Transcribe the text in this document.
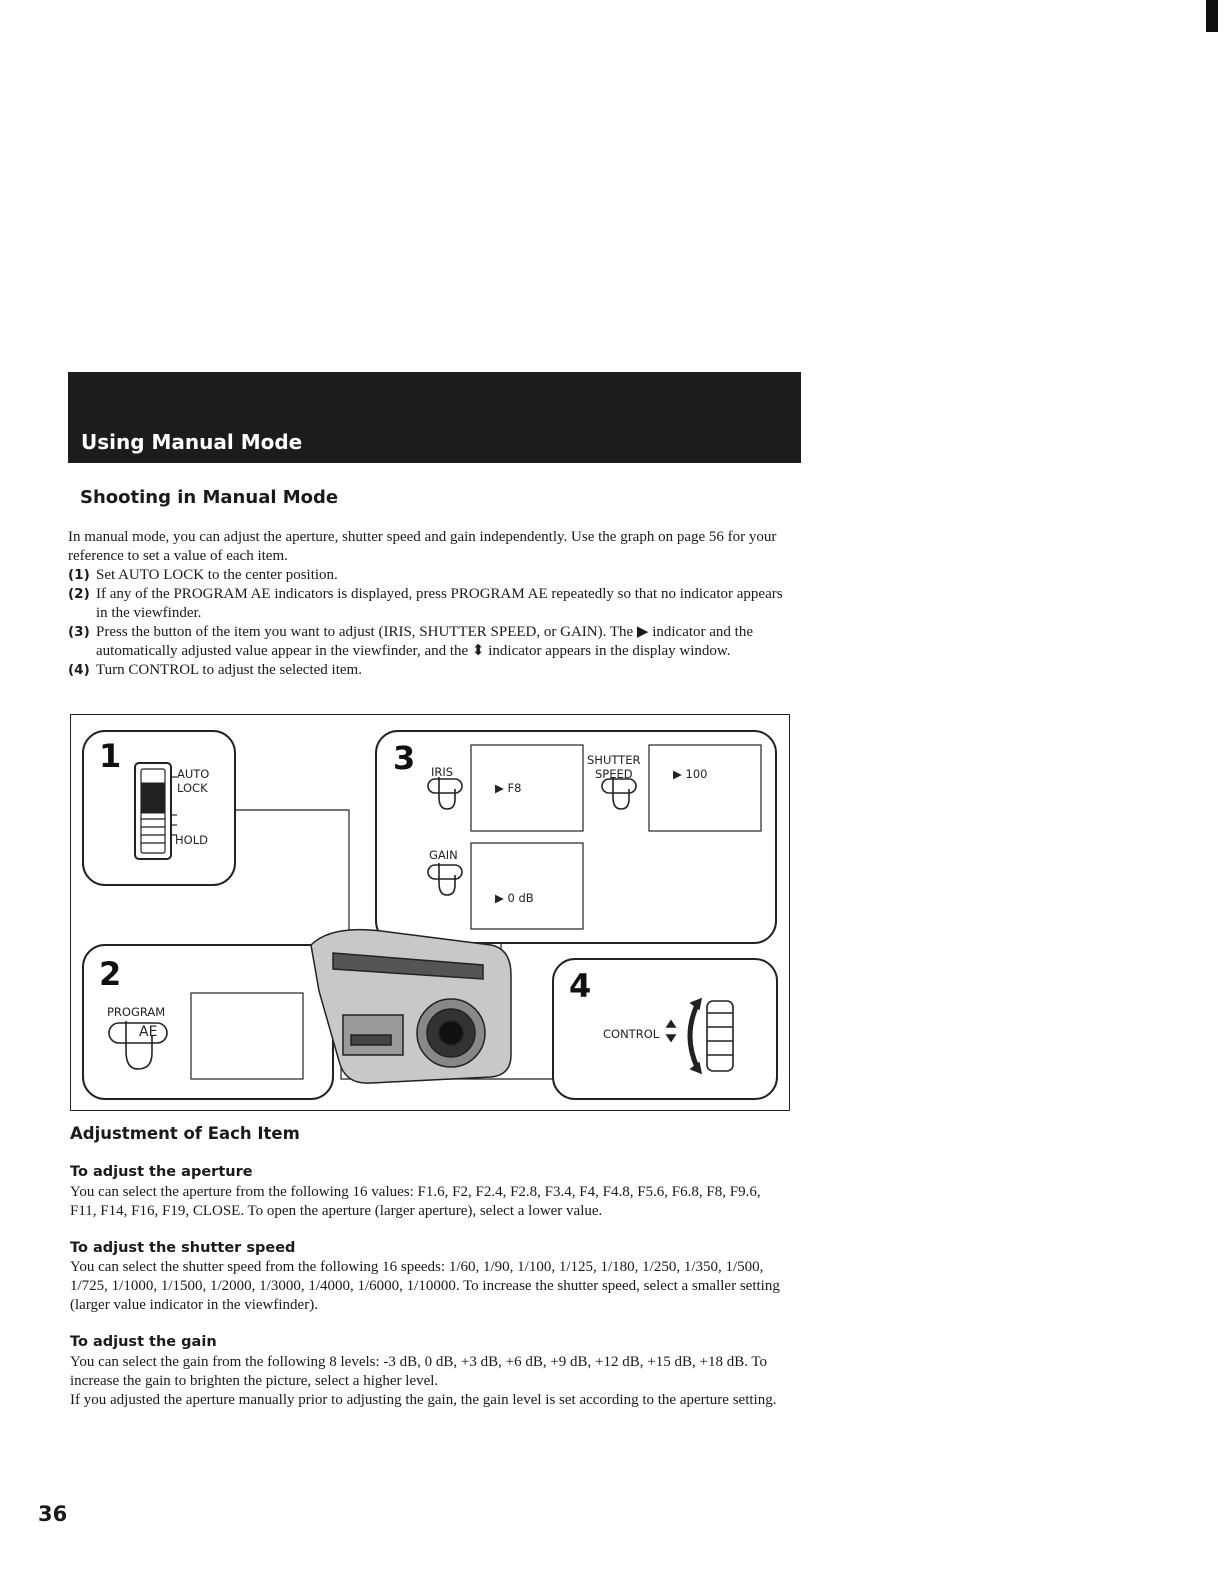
Using Manual Mode
Shooting in Manual Mode

In manual mode, you can adjust the aperture, shutter speed and gain independently. Use the graph on page 56 for your reference to set a value of each item.

(1) Set AUTO LOCK to the center position.
(2) If any of the PROGRAM AE indicators is displayed, press PROGRAM AE repeatedly so that no indicator appears in the viewfinder.
(3) Press the button of the item you want to adjust (IRIS, SHUTTER SPEED, or GAIN). The ▶ indicator and the automatically adjusted value appear in the viewfinder, and the ⬍ indicator appears in the display window.
(4) Turn CONTROL to adjust the selected item.
1	AUTO
LOCK
HOLD
2
PROGRAM
AE
3 IRIS
▶ F8
SHUTTER
SPEED	▶ 100
GAIN
▶ 0 dB
4
CONTROL
Adjustment of Each Item
To adjust the aperture
You can select the aperture from the following 16 values: F1.6, F2, F2.4, F2.8, F3.4, F4, F4.8, F5.6, F6.8, F8, F9.6, F11, F14, F16, F19, CLOSE. To open the aperture (larger aperture), select a lower value.
To adjust the shutter speed
You can select the shutter speed from the following 16 speeds: 1/60, 1/90, 1/100, 1/125, 1/180, 1/250, 1/350, 1/500, 1/725, 1/1000, 1/1500, 1/2000, 1/3000, 1/4000, 1/6000, 1/10000. To increase the shutter speed, select a smaller setting (larger value indicator in the viewfinder).
To adjust the gain
You can select the gain from the following 8 levels: -3 dB, 0 dB, +3 dB, +6 dB, +9 dB, +12 dB, +15 dB, +18 dB. To increase the gain to brighten the picture, select a higher level.
If you adjusted the aperture manually prior to adjusting the gain, the gain level is set according to the aperture setting.
36
